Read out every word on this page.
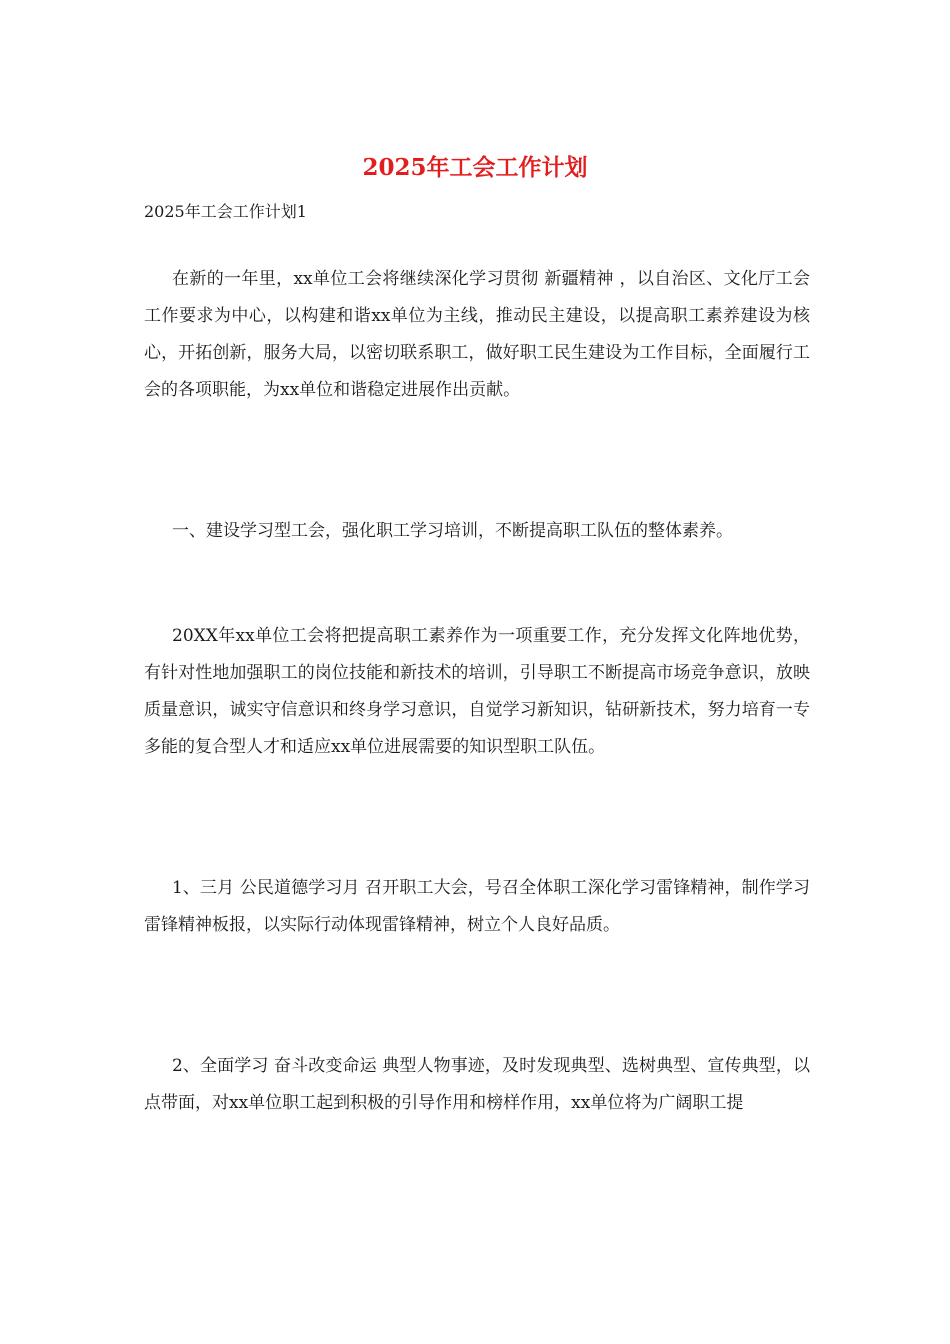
2025年工会工作计划

2025年工会工作计划1

在新的一年里，xx单位工会将继续深化学习贯彻 新疆精神 ，以自治区、文化厅工会工作要求为中心，以构建和谐xx单位为主线，推动民主建设，以提高职工素养建设为核心，开拓创新，服务大局，以密切联系职工，做好职工民生建设为工作目标，全面履行工会的各项职能，为xx单位和谐稳定进展作出贡献。

一、建设学习型工会，强化职工学习培训，不断提高职工队伍的整体素养。

20XX年xx单位工会将把提高职工素养作为一项重要工作，充分发挥文化阵地优势，有针对性地加强职工的岗位技能和新技术的培训，引导职工不断提高市场竞争意识，放映质量意识，诚实守信意识和终身学习意识，自觉学习新知识，钻研新技术，努力培育一专多能的复合型人才和适应xx单位进展需要的知识型职工队伍。

1、三月 公民道德学习月 召开职工大会，号召全体职工深化学习雷锋精神，制作学习雷锋精神板报，以实际行动体现雷锋精神，树立个人良好品质。

2、全面学习 奋斗改变命运 典型人物事迹，及时发现典型、选树典型、宣传典型，以点带面，对xx单位职工起到积极的引导作用和榜样作用，xx单位将为广阔职工提
